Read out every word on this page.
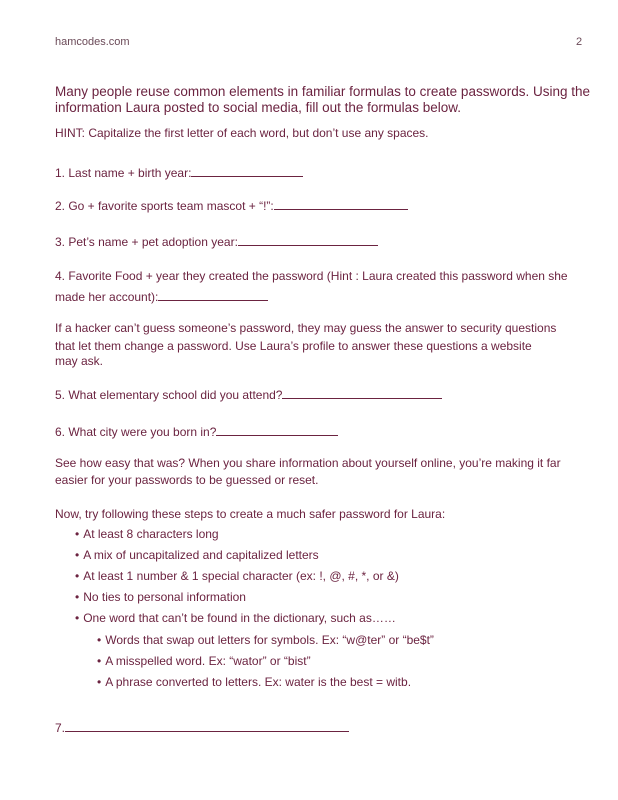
hamcodes.com	2
Many people reuse common elements in familiar formulas to create passwords. Using the information Laura posted to social media, fill out the formulas below.
HINT: Capitalize the first letter of each word, but don’t use any spaces.
1. Last name + birth year:
2. Go + favorite sports team mascot + “!”:
3. Pet’s name + pet adoption year:
4. Favorite Food + year they created the password (Hint : Laura created this password when she
made her account):
If a hacker can’t guess someone’s password, they may guess the answer to security questions
that let them change a password. Use Laura’s profile to answer these questions a website
may ask.
5. What elementary school did you attend?
6. What city were you born in?
See how easy that was? When you share information about yourself online, you’re making it far
easier for your passwords to be guessed or reset.
Now, try following these steps to create a much safer password for Laura:
• At least 8 characters long
• A mix of uncapitalized and capitalized letters
• At least 1 number & 1 special character (ex: !, @, #, *, or &)
• No ties to personal information
• One word that can’t be found in the dictionary, such as……
• Words that swap out letters for symbols. Ex: “w@ter” or “be$t”
• A misspelled word. Ex: “wator” or “bist”
• A phrase converted to letters. Ex: water is the best = witb.
7.
